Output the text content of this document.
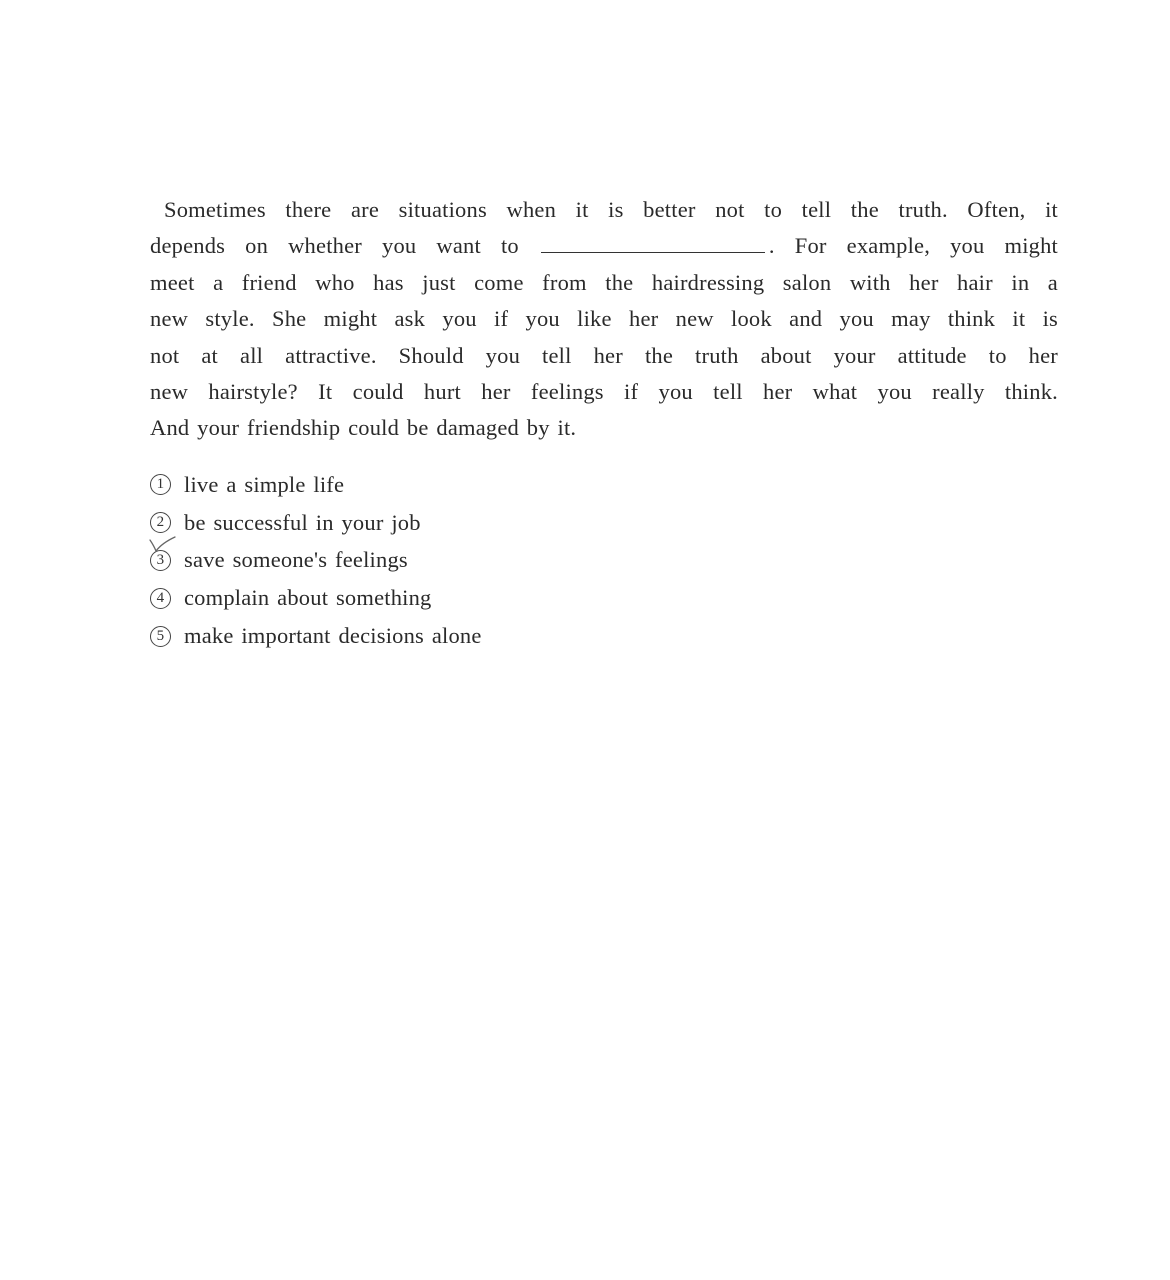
Sometimes there are situations when it is better not to tell the truth. Often, it
depends on whether you want to	. For example, you might
meet a friend who has just come from the hairdressing salon with her hair in a
new style. She might ask you if you like her new look and you may think it is
not at all attractive. Should you tell her the truth about your attitude to her
new hairstyle? It could hurt her feelings if you tell her what you really think.
And your friendship could be damaged by it.
1 live a simple life
2 be successful in your job
3 save someone's feelings
4 complain about something
5 make important decisions alone
